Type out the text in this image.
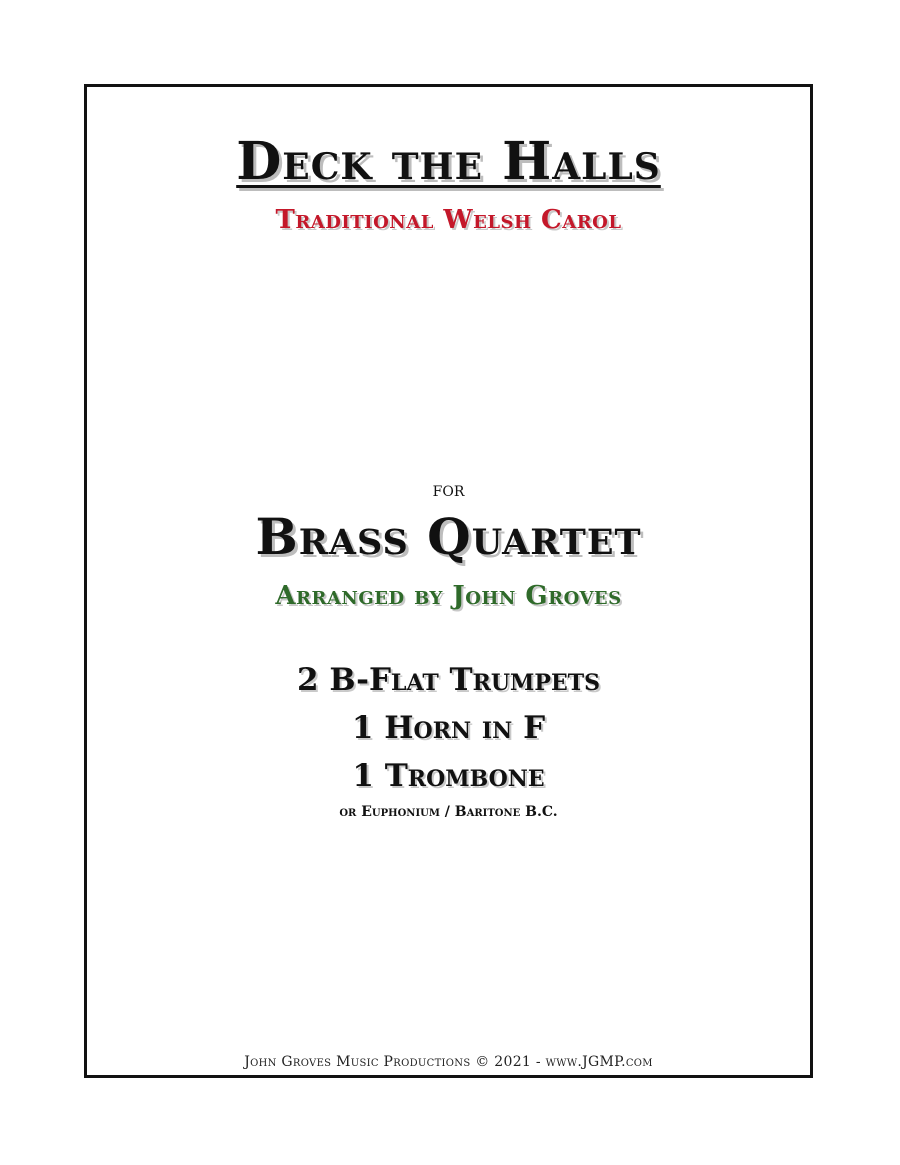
Deck the Halls
Traditional Welsh Carol
for
Brass Quartet
Arranged by John Groves
2 B-Flat Trumpets
1 Horn in F
1 Trombone
or Euphonium / Baritone B.C.
John Groves Music Productions © 2021 - www.JGMP.com
